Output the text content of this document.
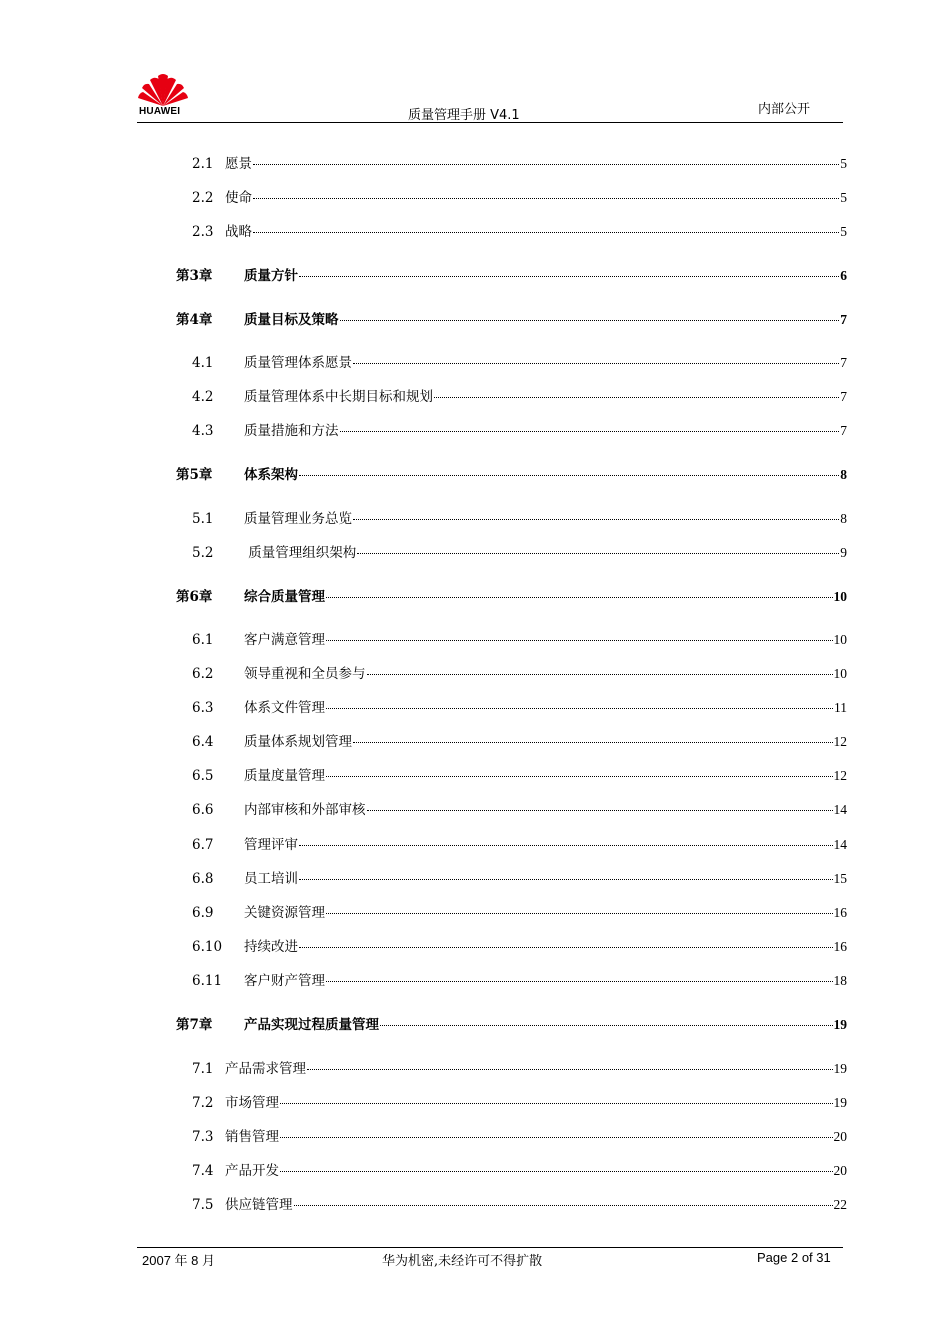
HUAWEI	质量管理手册 V4.1	内部公开
2.1 愿景	5
2.2 使命	5
2.3 战略	5
第3章	质量方针	6
第4章	质量目标及策略	7
4.1	质量管理体系愿景	7
4.2	质量管理体系中长期目标和规划	7
4.3	质量措施和方法	7
第5章	体系架构	8
5.1	质量管理业务总览	8
5.2	质量管理组织架构	9
第6章	综合质量管理	10
6.1	客户满意管理	10
6.2	领导重视和全员参与	10
6.3	体系文件管理	11
6.4	质量体系规划管理	12
6.5	质量度量管理	12
6.6	内部审核和外部审核	14
6.7	管理评审	14
6.8	员工培训	15
6.9	关键资源管理	16
6.10	持续改进	16
6.11	客户财产管理	18
第7章	产品实现过程质量管理	19
7.1 产品需求管理	19
7.2 市场管理	19
7.3 销售管理	20
7.4 产品开发	20
7.5 供应链管理	22
2007 年 8 月	华为机密,未经许可不得扩散	Page 2 of 31
